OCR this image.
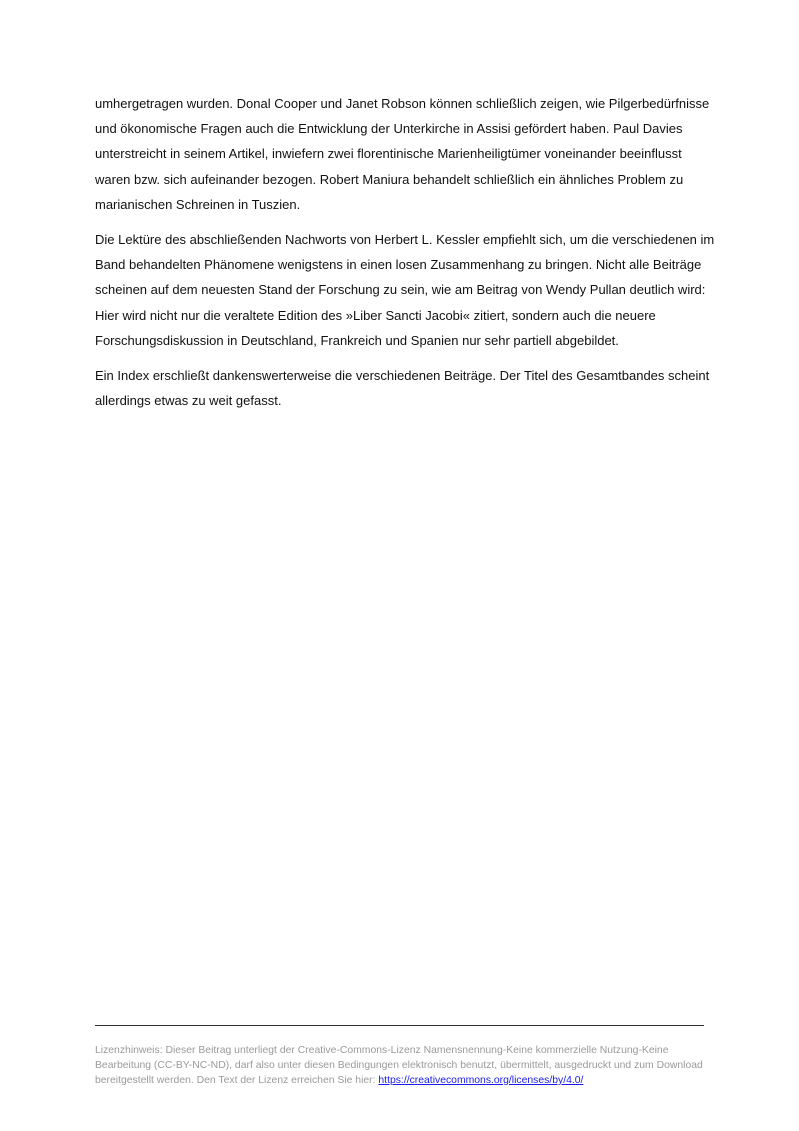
umhergetragen wurden. Donal Cooper und Janet Robson können schließlich zeigen, wie Pilgerbedürfnisse und ökonomische Fragen auch die Entwicklung der Unterkirche in Assisi gefördert haben. Paul Davies unterstreicht in seinem Artikel, inwiefern zwei florentinische Marienheiligtümer voneinander beeinflusst waren bzw. sich aufeinander bezogen. Robert Maniura behandelt schließlich ein ähnliches Problem zu marianischen Schreinen in Tuszien.

Die Lektüre des abschließenden Nachworts von Herbert L. Kessler empfiehlt sich, um die verschiedenen im Band behandelten Phänomene wenigstens in einen losen Zusammenhang zu bringen. Nicht alle Beiträge scheinen auf dem neuesten Stand der Forschung zu sein, wie am Beitrag von Wendy Pullan deutlich wird: Hier wird nicht nur die veraltete Edition des »Liber Sancti Jacobi« zitiert, sondern auch die neuere Forschungsdiskussion in Deutschland, Frankreich und Spanien nur sehr partiell abgebildet.

Ein Index erschließt dankenswerterweise die verschiedenen Beiträge. Der Titel des Gesamtbandes scheint allerdings etwas zu weit gefasst.

Lizenzhinweis: Dieser Beitrag unterliegt der Creative-Commons-Lizenz Namensnennung-Keine kommerzielle Nutzung-Keine Bearbeitung (CC-BY-NC-ND), darf also unter diesen Bedingungen elektronisch benutzt, übermittelt, ausgedruckt und zum Download bereitgestellt werden. Den Text der Lizenz erreichen Sie hier: https://creativecommons.org/licenses/by/4.0/
